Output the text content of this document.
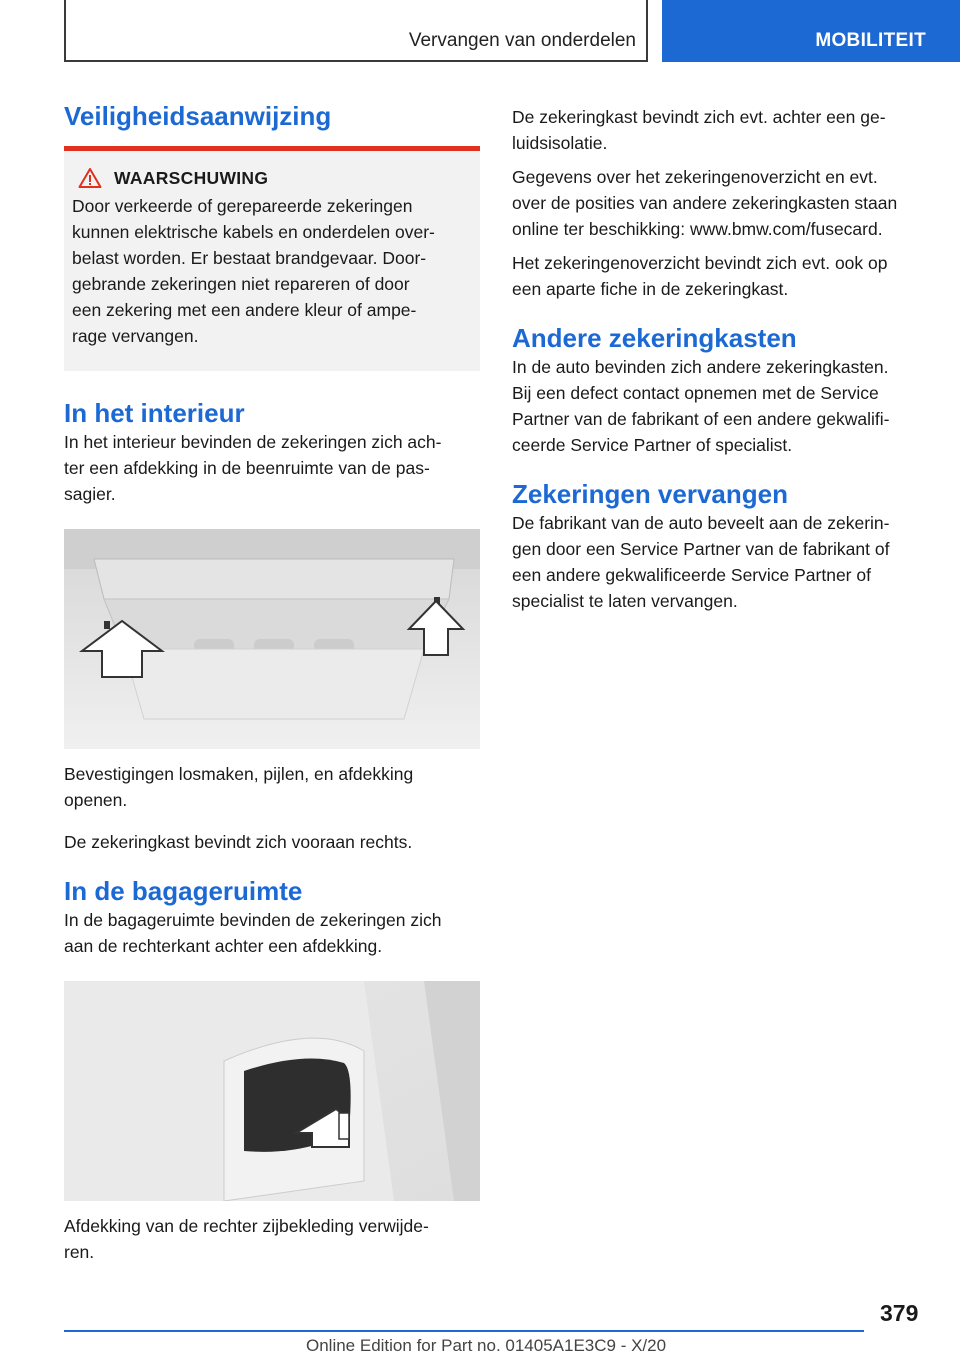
Vervangen van onderdelen	MOBILITEIT
Veiligheidsaanwijzing
WAARSCHUWING

Door verkeerde of gerepareerde zekeringen
kunnen elektrische kabels en onderdelen over-
belast worden. Er bestaat brandgevaar. Door-
gebrande zekeringen niet repareren of door
een zekering met een andere kleur of ampe-
rage vervangen.

In het interieur

In het interieur bevinden de zekeringen zich ach-
ter een afdekking in de beenruimte van de pas-
sagier.

Bevestigingen losmaken, pijlen, en afdekking
openen.

De zekeringkast bevindt zich vooraan rechts.

In de bagageruimte

In de bagageruimte bevinden de zekeringen zich
aan de rechterkant achter een afdekking.

Afdekking van de rechter zijbekleding verwijde-
ren.

De zekeringkast bevindt zich evt. achter een ge-
luidsisolatie.

Gegevens over het zekeringenoverzicht en evt.
over de posities van andere zekeringkasten staan
online ter beschikking: www.bmw.com/fusecard.

Het zekeringenoverzicht bevindt zich evt. ook op
een aparte fiche in de zekeringkast.

Andere zekeringkasten

In de auto bevinden zich andere zekeringkasten.
Bij een defect contact opnemen met de Service
Partner van de fabrikant of een andere gekwalifi-
ceerde Service Partner of specialist.

Zekeringen vervangen

De fabrikant van de auto beveelt aan de zekerin-
gen door een Service Partner van de fabrikant of
een andere gekwalificeerde Service Partner of
specialist te laten vervangen.

379
Online Edition for Part no. 01405A1E3C9 - X/20
